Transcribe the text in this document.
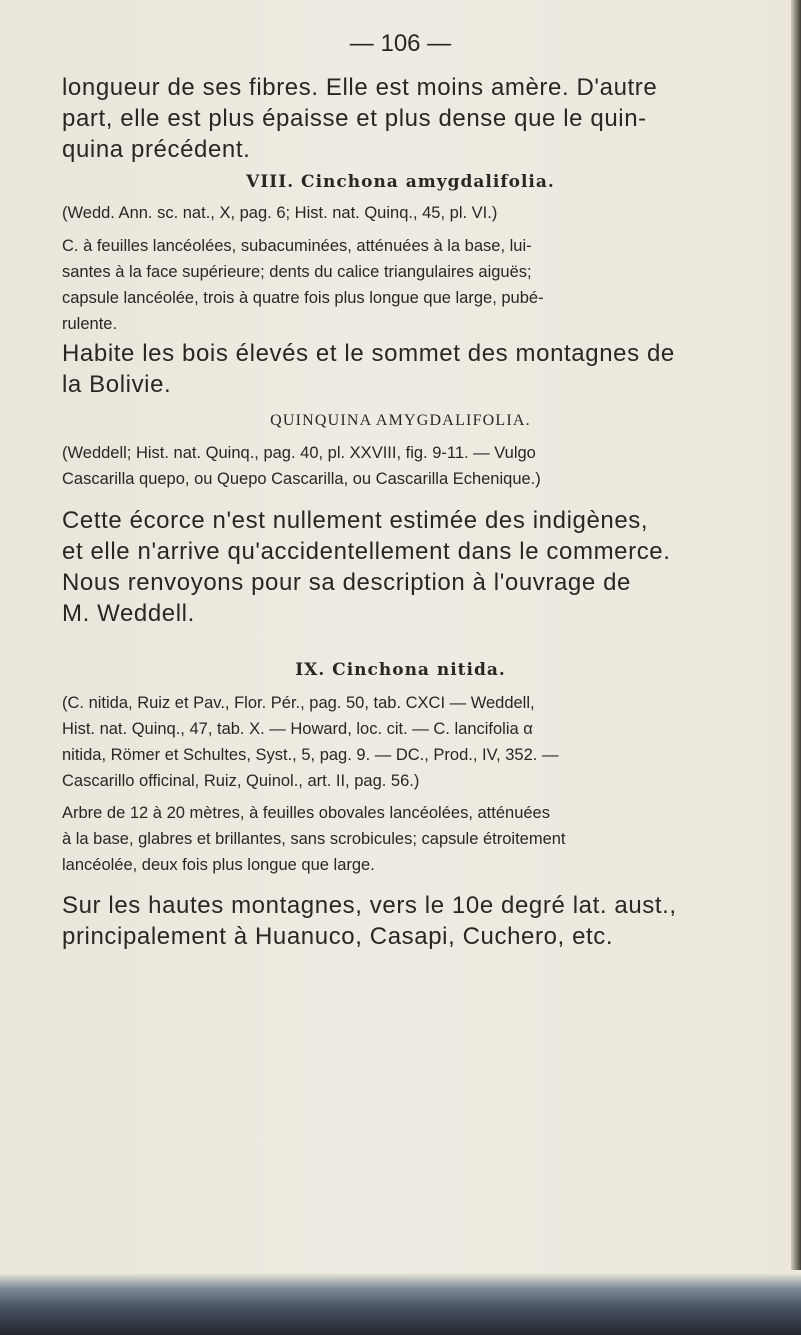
— 106 —
longueur de ses fibres. Elle est moins amère. D'autre
part, elle est plus épaisse et plus dense que le quin-
quina précédent.
VIII. Cinchona amygdalifolia.
(Wedd. Ann. sc. nat., X, pag. 6; Hist. nat. Quinq., 45, pl. VI.)
C. à feuilles lancéolées, subacuminées, atténuées à la base, lui-
santes à la face supérieure; dents du calice triangulaires aiguës;
capsule lancéolée, trois à quatre fois plus longue que large, pubé-
rulente.
Habite les bois élevés et le sommet des montagnes de
la Bolivie.
QUINQUINA AMYGDALIFOLIA.
(Weddell; Hist. nat. Quinq., pag. 40, pl. XXVIII, fig. 9-11. — Vulgo
Cascarilla quepo, ou Quepo Cascarilla, ou Cascarilla Echenique.)
Cette écorce n'est nullement estimée des indigènes,
et elle n'arrive qu'accidentellement dans le commerce.
Nous renvoyons pour sa description à l'ouvrage de
M. Weddell.
IX. Cinchona nitida.
(C. nitida, Ruiz et Pav., Flor. Pér., pag. 50, tab. CXCI — Weddell,
Hist. nat. Quinq., 47, tab. X. — Howard, loc. cit. — C. lancifolia α
nitida, Römer et Schultes, Syst., 5, pag. 9. — DC., Prod., IV, 352. —
Cascarillo officinal, Ruiz, Quinol., art. II, pag. 56.)
Arbre de 12 à 20 mètres, à feuilles obovales lancéolées, atténuées
à la base, glabres et brillantes, sans scrobicules; capsule étroitement
lancéolée, deux fois plus longue que large.
Sur les hautes montagnes, vers le 10e degré lat. aust.,
principalement à Huanuco, Casapi, Cuchero, etc.
